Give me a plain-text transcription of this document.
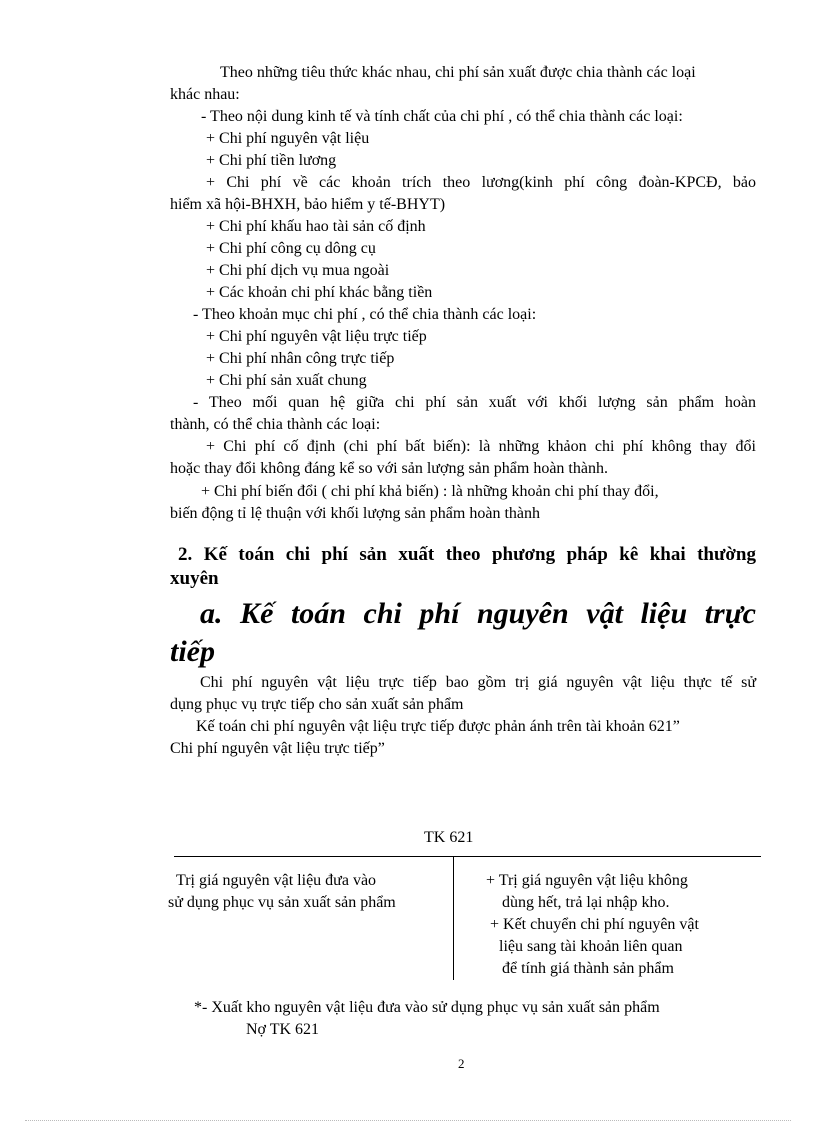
Theo những tiêu thức khác nhau, chi phí sản xuất được chia thành các loại
khác nhau:
- Theo nội dung kinh tế và tính chất của chi phí , có thể chia thành các loại:
+ Chi phí nguyên vật liệu
+ Chi phí tiền lương
+ Chi phí về các khoản trích theo lương(kinh phí công đoàn-KPCĐ, bảo
hiểm xã hội-BHXH, bảo hiểm y tế-BHYT)
+ Chi phí khấu hao tài sản cố định
+ Chi phí công cụ dông cụ
+ Chi phí dịch vụ mua ngoài
+ Các khoản chi phí khác bằng tiền
- Theo khoản mục chi phí , có thể chia thành các loại:
+ Chi phí nguyên vật liệu trực tiếp
+ Chi phí nhân công trực tiếp
+ Chi phí sản xuất chung
- Theo mối quan hệ giữa chi phí sản xuất với khối lượng sản phẩm hoàn
thành, có thể chia thành các loại:
+ Chi phí cố định (chi phí bất biến): là những khảon chi phí không thay đổi
hoặc thay đổi không đáng kể so với sản lượng sản phẩm hoàn thành.
+ Chi phí biến đổi ( chi phí khả biến) : là những khoản chi phí thay đổi,
biến động tỉ lệ thuận với khối lượng sản phẩm hoàn thành
2. Kế toán chi phí sản xuất theo phương pháp kê khai thường
xuyên
a. Kế toán chi phí nguyên vật liệu trực
tiếp
Chi phí nguyên vật liệu trực tiếp bao gồm trị giá nguyên vật liệu thực tế sử
dụng phục vụ trực tiếp cho sản xuất sản phẩm
Kế toán chi phí nguyên vật liệu trực tiếp được phản ánh trên tài khoản 621”
Chi phí nguyên vật liệu trực tiếp”
TK 621
Trị giá nguyên vật liệu đưa vào
sử dụng phục vụ sản xuất sản phẩm
+ Trị giá nguyên vật liệu không
dùng hết, trả lại nhập kho.
+ Kết chuyển chi phí nguyên vật
liệu sang tài khoản liên quan
để tính giá thành sản phẩm
*- Xuất kho nguyên vật liệu đưa vào sử dụng phục vụ sản xuất sản phẩm
Nợ TK 621
2
